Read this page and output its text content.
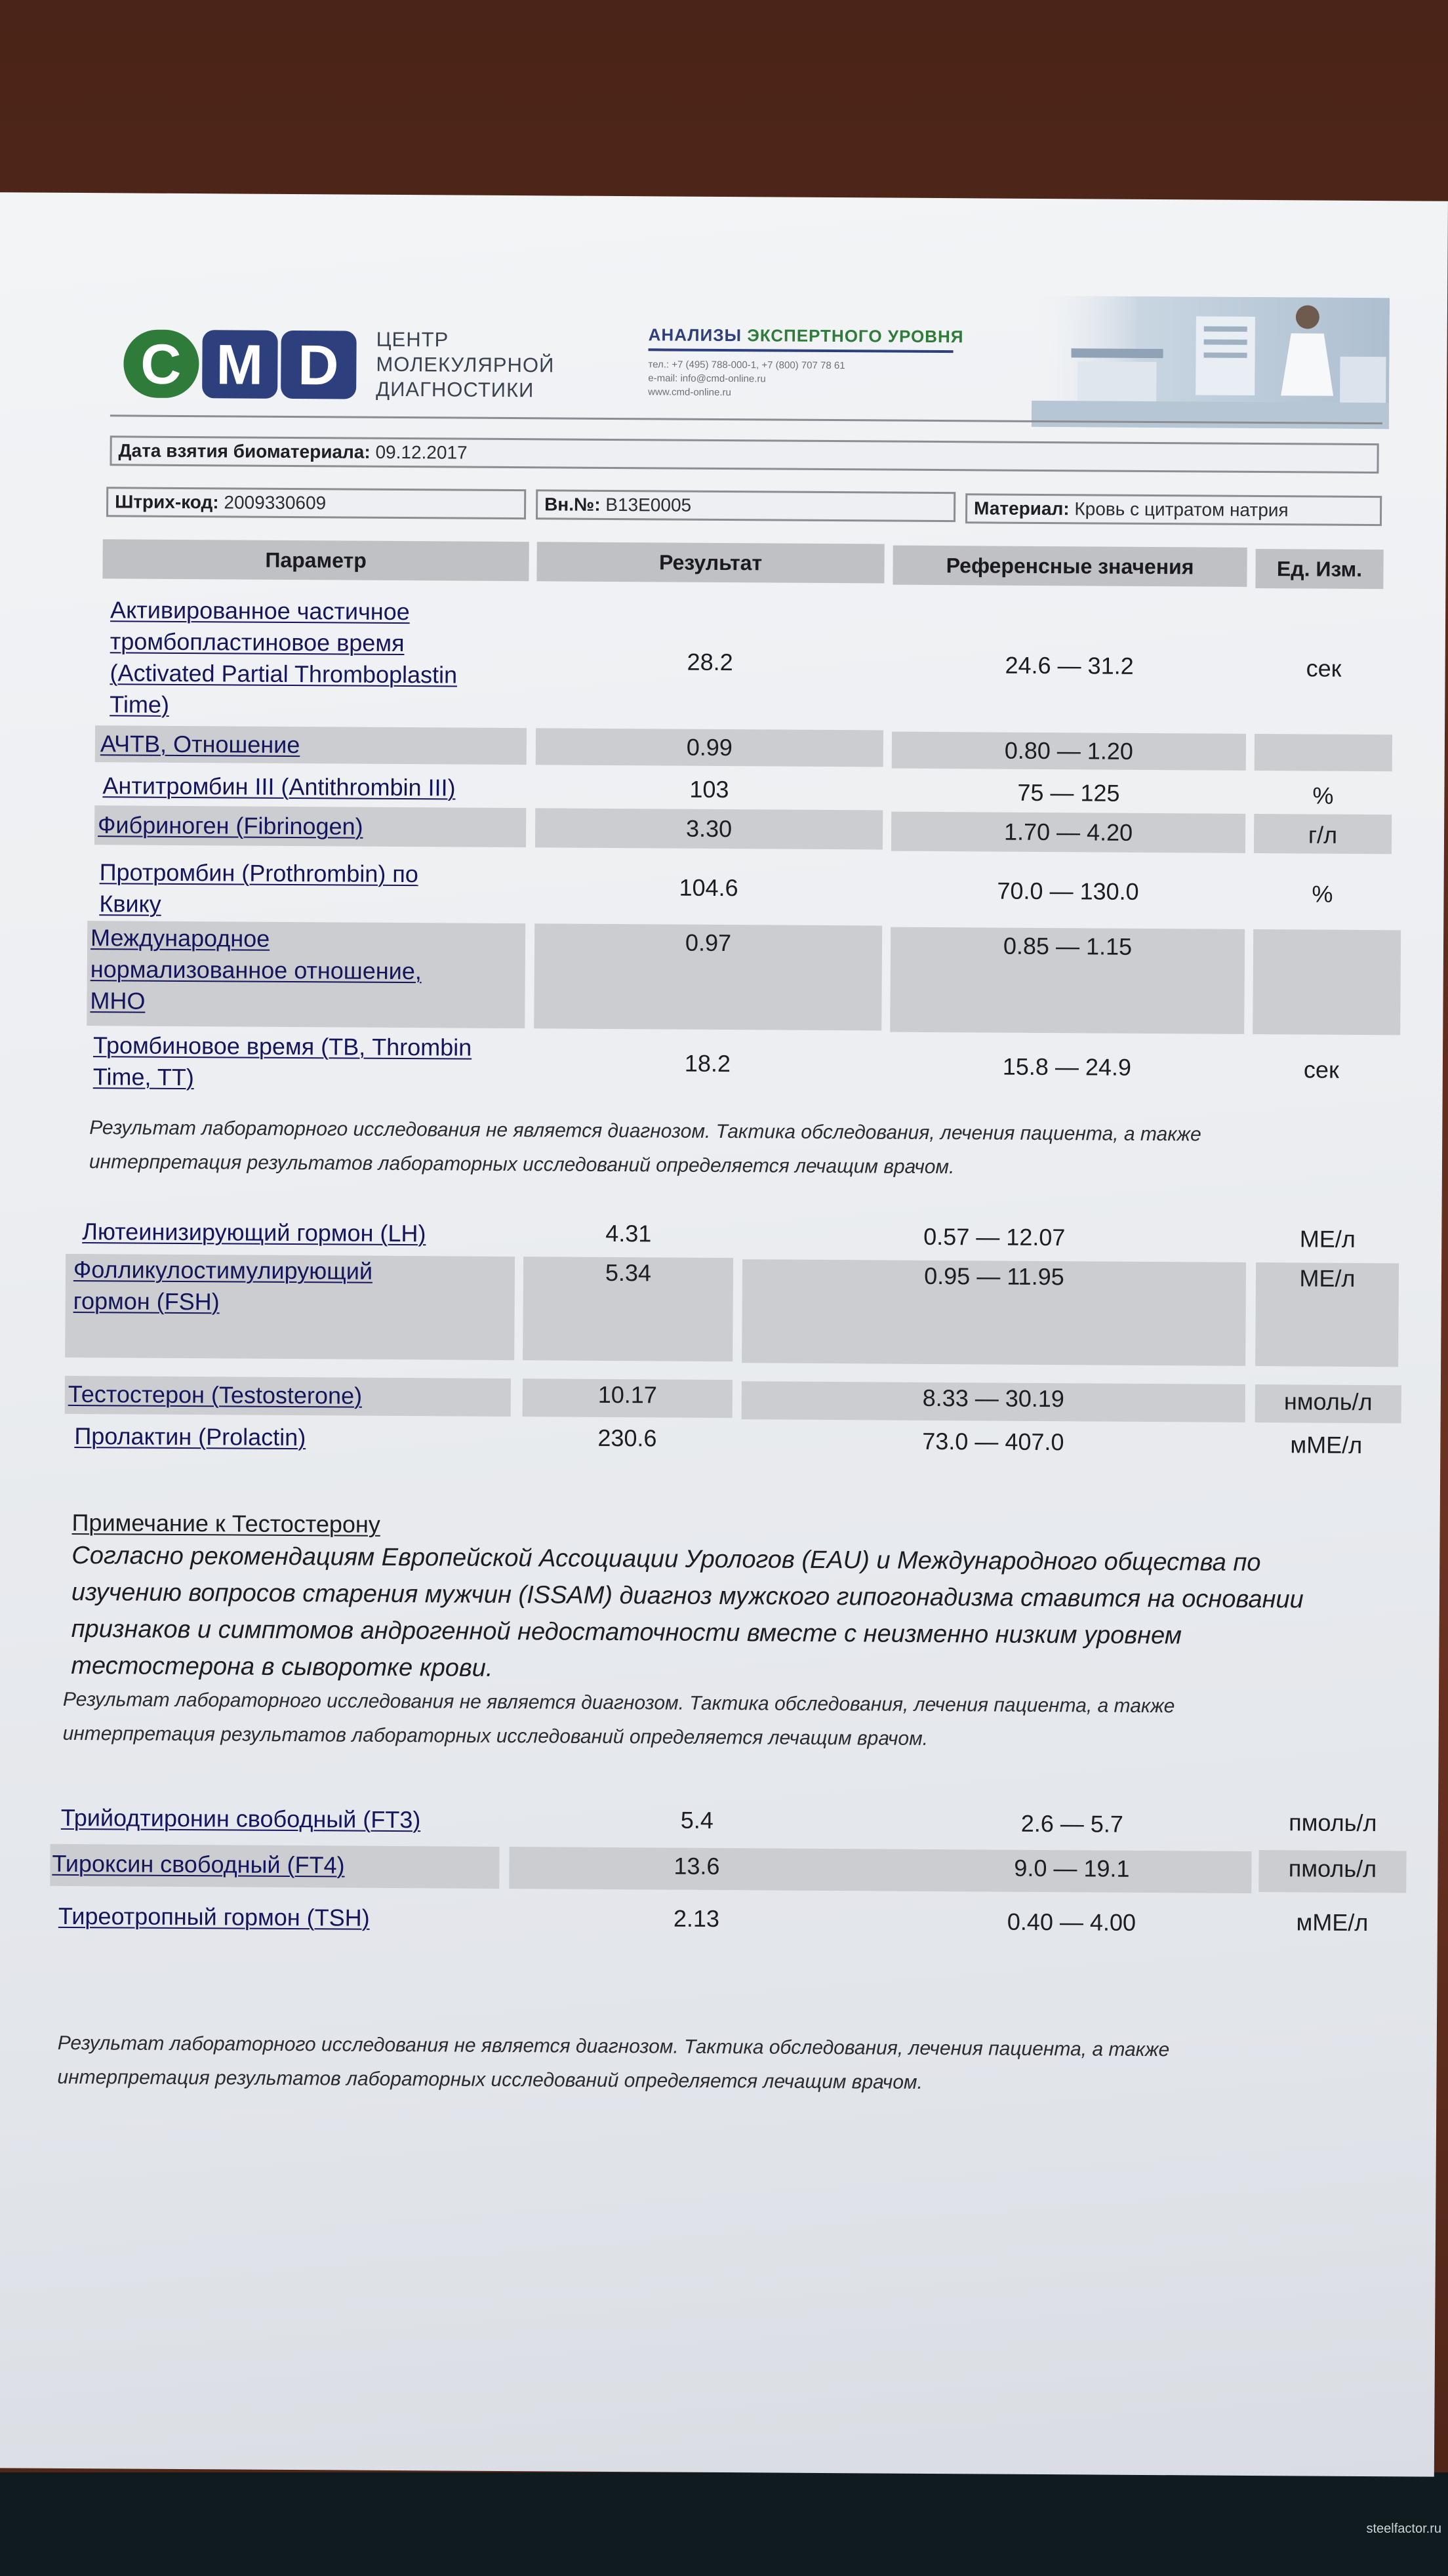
C M D ЦЕНТР
МОЛЕКУЛЯРНОЙ
ДИАГНОСТИКИ
АНАЛИЗЫ ЭКСПЕРТНОГО УРОВНЯ
тел.: +7 (495) 788-000-1, +7 (800) 707 78 61
e-mail: info@cmd-online.ru
www.cmd-online.ru
Дата взятия биоматериала: 09.12.2017
Штрих-код: 2009330609	Вн.№: B13E0005	Материал: Кровь с цитратом натрия
Параметр	Результат	Референсные значения	Ед. Изм.
Активированное частичное
тромбопластиновое время
(Activated Partial Thromboplastin
Time)
28.2	24.6 — 31.2	сек
АЧТВ, Отношение	0.99	0.80 — 1.20
Антитромбин III (Antithrombin III)	103	75 — 125	%
Фибриноген (Fibrinogen)	3.30	1.70 — 4.20	г/л
Протромбин (Prothrombin) по
Квику
104.6	70.0 — 130.0	%
Международное
нормализованное отношение,
МНО
0.97	0.85 — 1.15
Тромбиновое время (ТВ, Thrombin
Time, TT)	18.2	15.8 — 24.9	сек
Результат лабораторного исследования не является диагнозом. Тактика обследования, лечения пациента, а также
интерпретация результатов лабораторных исследований определяется лечащим врачом.
Лютеинизирующий гормон (LH)	4.31	0.57 — 12.07	МЕ/л
Фолликулостимулирующий
гормон (FSH)
5.34	0.95 — 11.95	МЕ/л
Тестостерон (Testosterone)	10.17	8.33 — 30.19	нмоль/л
Пролактин (Prolactin)	230.6	73.0 — 407.0	мМЕ/л
Примечание к Тестостерону
Согласно рекомендациям Европейской Ассоциации Урологов (EAU) и Международного общества по
изучению вопросов старения мужчин (ISSAM) диагноз мужского гипогонадизма ставится на основании
признаков и симптомов андрогенной недостаточности вместе с неизменно низким уровнем
тестостерона в сыворотке крови.
Результат лабораторного исследования не является диагнозом. Тактика обследования, лечения пациента, а также
интерпретация результатов лабораторных исследований определяется лечащим врачом.
Трийодтиронин свободный (FT3)	5.4	2.6 — 5.7	пмоль/л
Тироксин свободный (FT4)	13.6	9.0 — 19.1	пмоль/л
Тиреотропный гормон (TSH)	2.13	0.40 — 4.00	мМЕ/л
Результат лабораторного исследования не является диагнозом. Тактика обследования, лечения пациента, а также
интерпретация результатов лабораторных исследований определяется лечащим врачом.
steelfactor.ru
